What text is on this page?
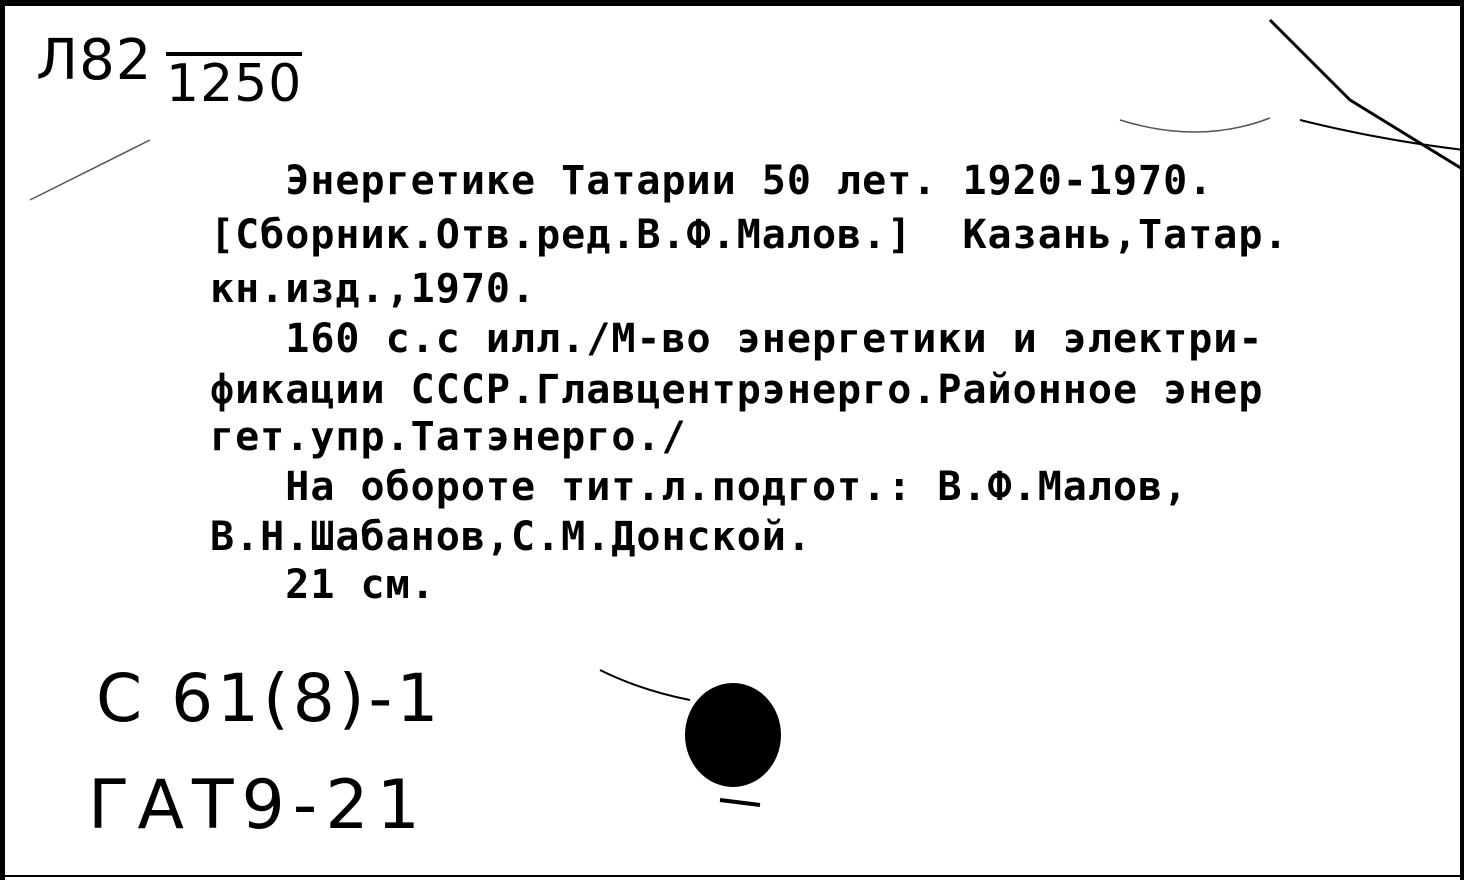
Л82 1250
Энергетике Татарии 50 лет. 1920-1970.
[Сборник.Отв.ред.В.Ф.Малов.]  Казань,Татар.
кн.изд.,1970.
160 с.с илл./М-во энергетики и электри-
фикации СССР.Главцентрэнерго.Районное энер
гет.упр.Татэнерго./
На обороте тит.л.подгот.: В.Ф.Малов,
В.Н.Шабанов,С.М.Донской.
21 см.
С 61(8)-1
ГАТ9-21
